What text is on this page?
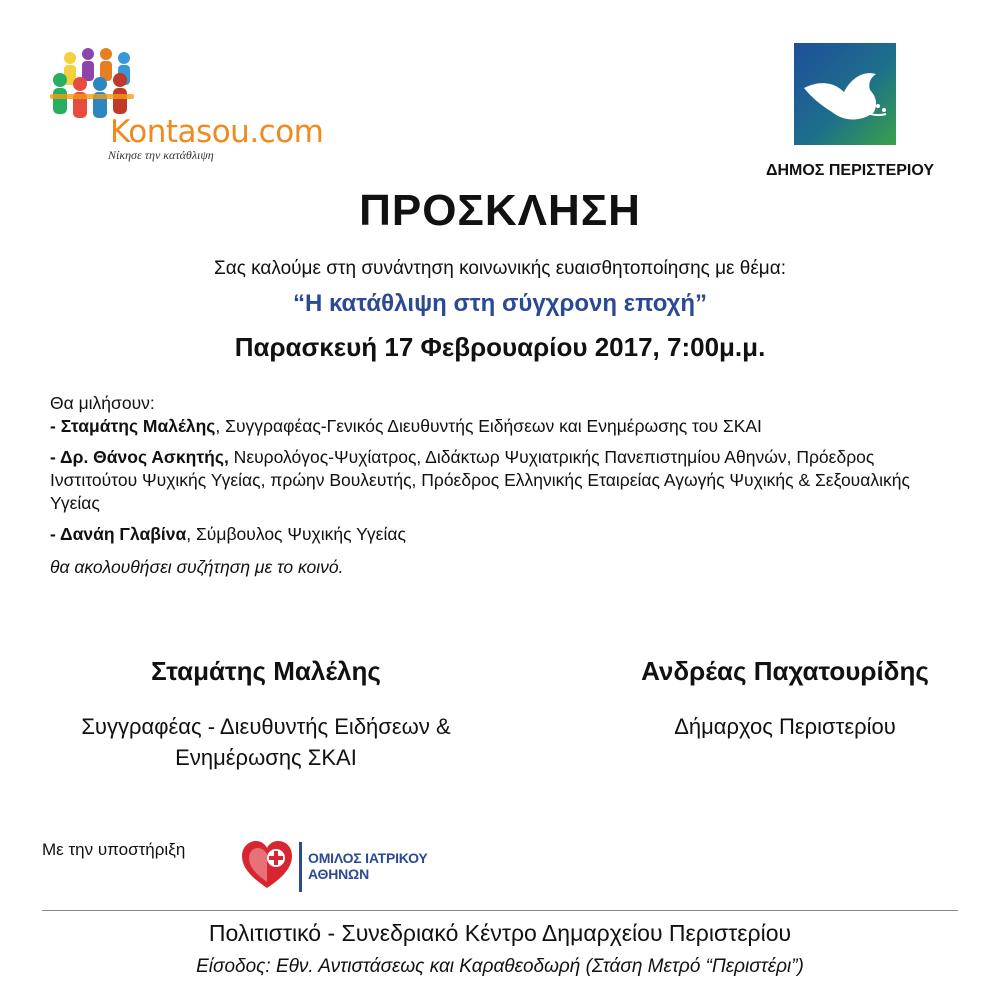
Kontasou.com
Νίκησε την κατάθλιψη
ΔΗΜΟΣ ΠΕΡΙΣΤΕΡΙΟΥ
ΠΡΟΣΚΛΗΣΗ
Σας καλούμε στη συνάντηση κοινωνικής ευαισθητοποίησης με θέμα:
“Η κατάθλιψη στη σύγχρονη εποχή”
Παρασκευή 17 Φεβρουαρίου 2017, 7:00μ.μ.
Θα μιλήσουν:
- Σταμάτης Μαλέλης, Συγγραφέας-Γενικός Διευθυντής Ειδήσεων και Ενημέρωσης του ΣΚΑΙ
- Δρ. Θάνος Ασκητής, Νευρολόγος-Ψυχίατρος, Διδάκτωρ Ψυχιατρικής Πανεπιστημίου Αθηνών, Πρόεδρος Ινστιτούτου Ψυχικής Υγείας, πρώην Βουλευτής, Πρόεδρος Ελληνικής Εταιρείας Αγωγής Ψυχικής & Σεξουαλικής Υγείας
- Δανάη Γλαβίνα, Σύμβουλος Ψυχικής Υγείας
θα ακολουθήσει συζήτηση με το κοινό.
Σταμάτης Μαλέλης
Συγγραφέας - Διευθυντής Ειδήσεων &
Ενημέρωσης ΣΚΑΙ
Ανδρέας Παχατουρίδης
Δήμαρχος Περιστερίου
Με την υποστήριξη	ΟΜΙΛΟΣ ΙΑΤΡΙΚΟΥ
ΑΘΗΝΩΝ
Πολιτιστικό - Συνεδριακό Κέντρο Δημαρχείου Περιστερίου
Είσοδος: Εθν. Αντιστάσεως και Καραθεοδωρή (Στάση Μετρό “Περιστέρι”)
